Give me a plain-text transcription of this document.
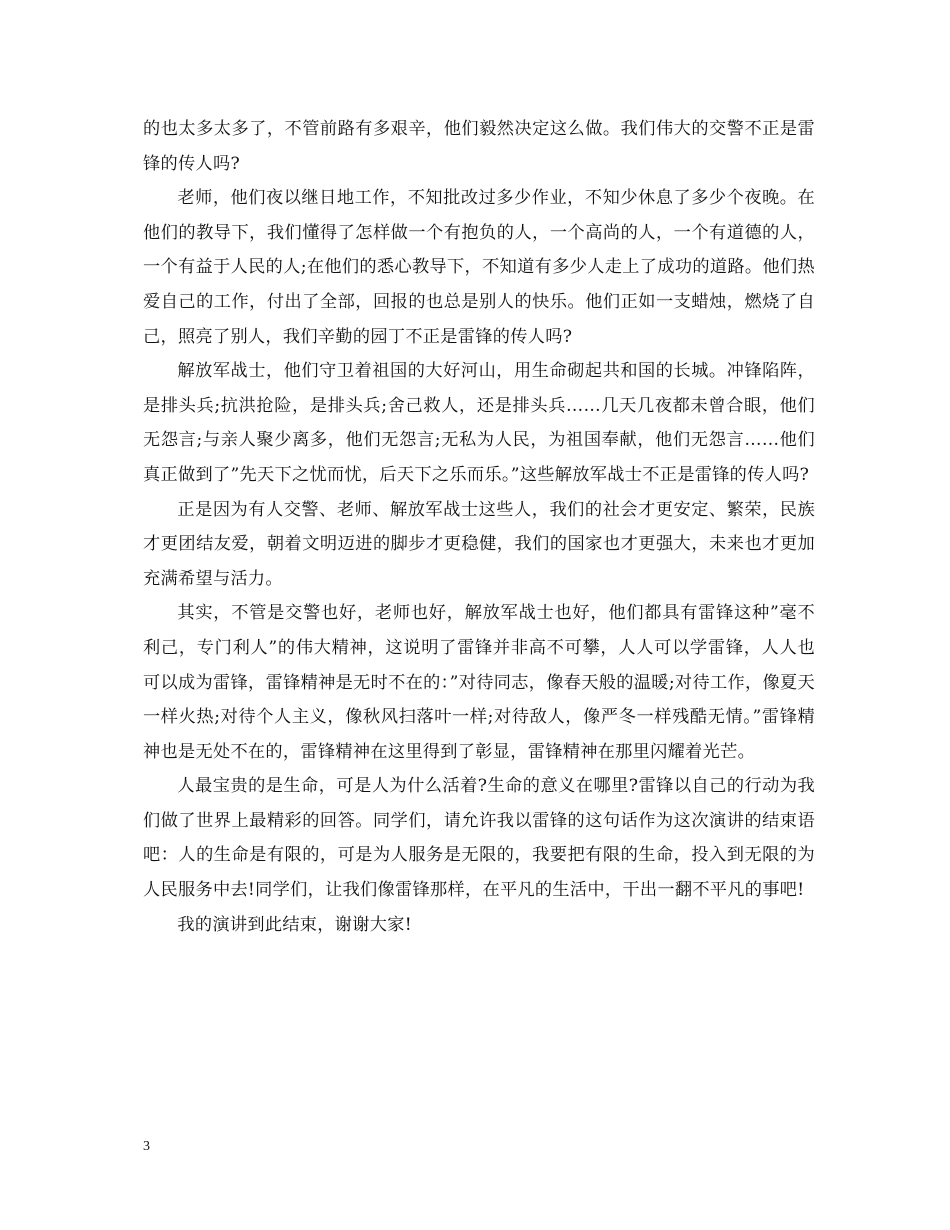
的也太多太多了，不管前路有多艰辛，他们毅然决定这么做。我们伟大的交警不正是雷锋的传人吗?

老师，他们夜以继日地工作，不知批改过多少作业，不知少休息了多少个夜晚。在他们的教导下，我们懂得了怎样做一个有抱负的人，一个高尚的人，一个有道德的人，一个有益于人民的人;在他们的悉心教导下，不知道有多少人走上了成功的道路。他们热爱自己的工作，付出了全部，回报的也总是别人的快乐。他们正如一支蜡烛，燃烧了自己，照亮了别人，我们辛勤的园丁不正是雷锋的传人吗?

解放军战士，他们守卫着祖国的大好河山，用生命砌起共和国的长城。冲锋陷阵，是排头兵;抗洪抢险，是排头兵;舍己救人，还是排头兵……几天几夜都未曾合眼，他们无怨言;与亲人聚少离多，他们无怨言;无私为人民，为祖国奉献，他们无怨言……他们真正做到了”先天下之忧而忧，后天下之乐而乐。”这些解放军战士不正是雷锋的传人吗?

正是因为有人交警、老师、解放军战士这些人，我们的社会才更安定、繁荣，民族才更团结友爱，朝着文明迈进的脚步才更稳健，我们的国家也才更强大，未来也才更加充满希望与活力。

其实，不管是交警也好，老师也好，解放军战士也好，他们都具有雷锋这种”毫不利己，专门利人”的伟大精神，这说明了雷锋并非高不可攀，人人可以学雷锋，人人也可以成为雷锋，雷锋精神是无时不在的：”对待同志，像春天般的温暖;对待工作，像夏天一样火热;对待个人主义，像秋风扫落叶一样;对待敌人，像严冬一样残酷无情。”雷锋精神也是无处不在的，雷锋精神在这里得到了彰显，雷锋精神在那里闪耀着光芒。

人最宝贵的是生命，可是人为什么活着?生命的意义在哪里?雷锋以自己的行动为我们做了世界上最精彩的回答。同学们，请允许我以雷锋的这句话作为这次演讲的结束语吧：人的生命是有限的，可是为人服务是无限的，我要把有限的生命，投入到无限的为人民服务中去!同学们，让我们像雷锋那样，在平凡的生活中，干出一翻不平凡的事吧!

我的演讲到此结束，谢谢大家!

3
